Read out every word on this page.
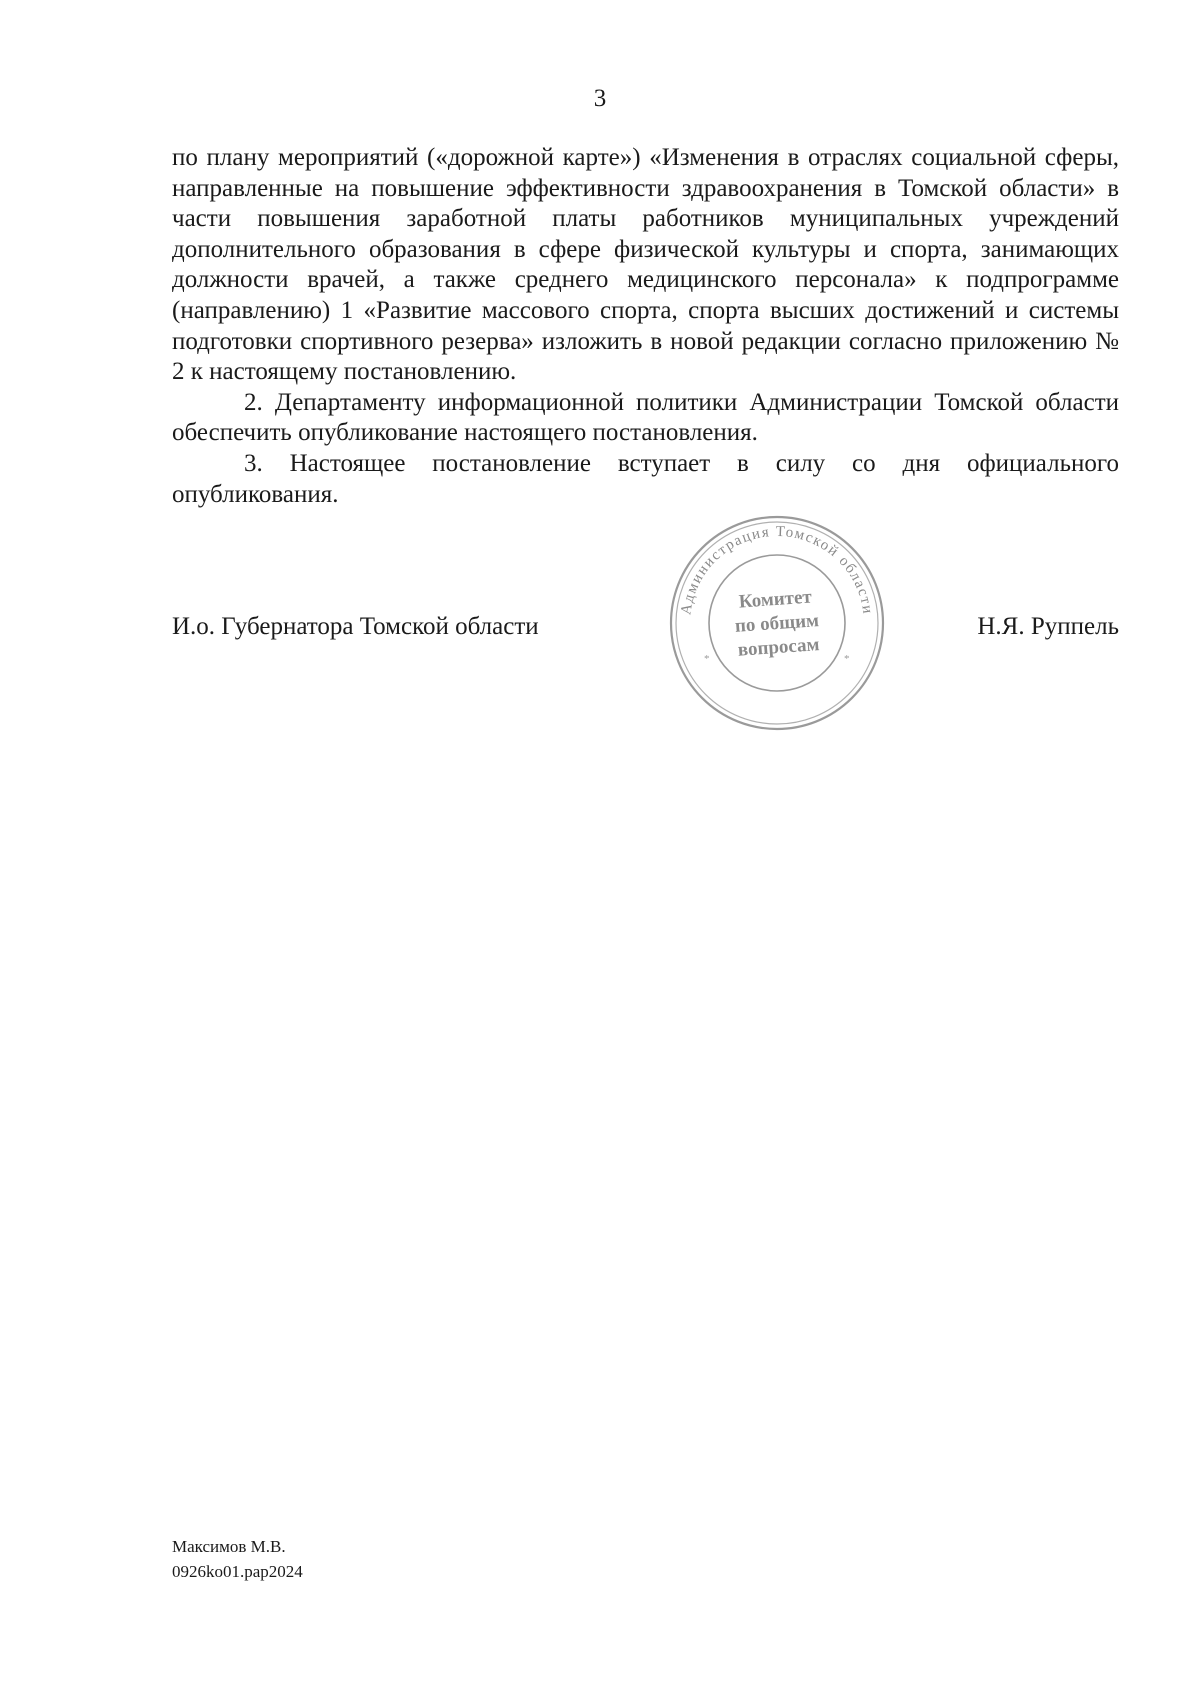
3

по плану мероприятий («дорожной карте») «Изменения в отраслях социальной сферы, направленные на повышение эффективности здравоохранения в Томской области» в части повышения заработной платы работников муниципальных учреждений дополнительного образования в сфере физической культуры и спорта, занимающих должности врачей, а также среднего медицинского персонала» к подпрограмме (направлению) 1 «Развитие массового спорта, спорта высших достижений и системы подготовки спортивного резерва» изложить в новой редакции согласно приложению № 2 к настоящему постановлению.

2. Департаменту информационной политики Администрации Томской области обеспечить опубликование настоящего постановления.

3. Настоящее постановление вступает в силу со дня официального опубликования.

И.о. Губернатора Томской области	Н.Я. Руппель
Администрация Томской области
*	*
Комитет
по общим
вопросам
Максимов М.В.
0926ko01.pap2024
